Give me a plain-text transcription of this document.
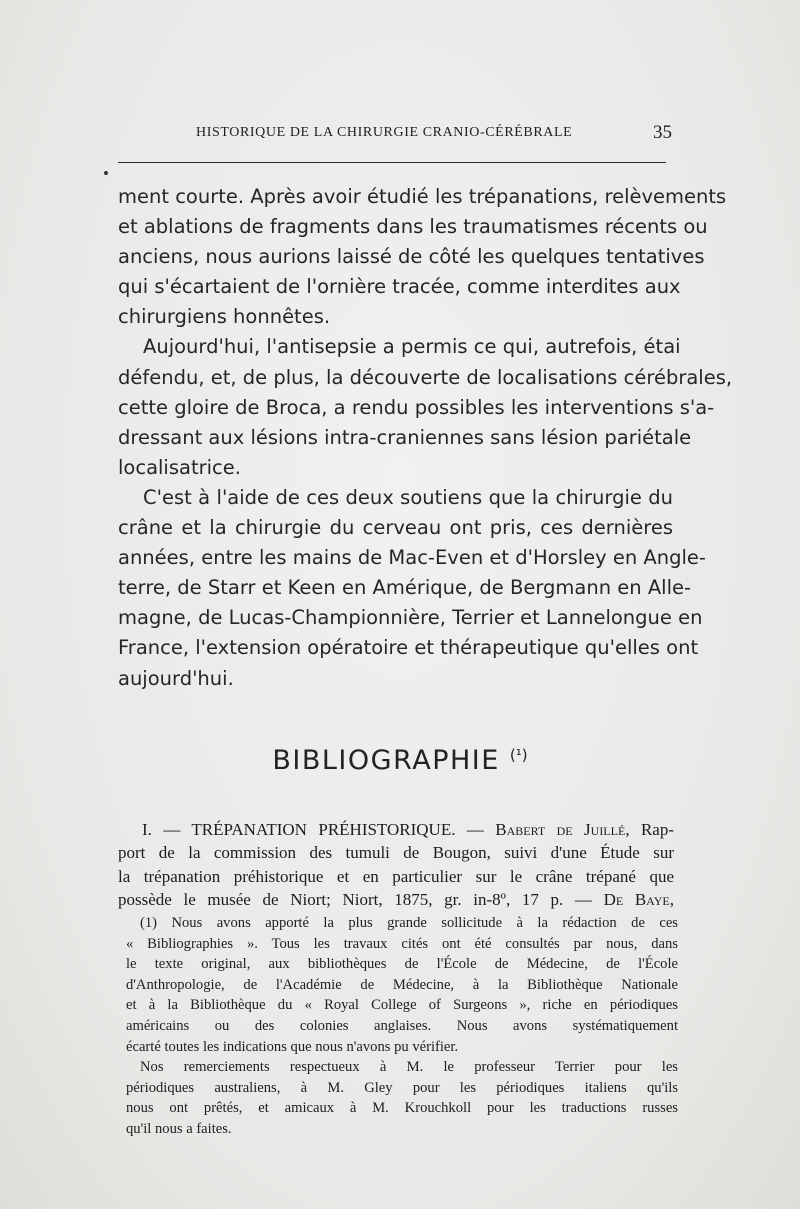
HISTORIQUE DE LA CHIRURGIE CRANIO-CÉRÉBRALE	35
ment courte. Après avoir étudié les trépanations, relèvements
et ablations de fragments dans les traumatismes récents ou
anciens, nous aurions laissé de côté les quelques tentatives
qui s'écartaient de l'ornière tracée, comme interdites aux
chirurgiens honnêtes.
Aujourd'hui, l'antisepsie a permis ce qui, autrefois, étai
défendu, et, de plus, la découverte de localisations cérébrales,
cette gloire de Broca, a rendu possibles les interventions s'a-
dressant aux lésions intra-craniennes sans lésion pariétale
localisatrice.
C'est à l'aide de ces deux soutiens que la chirurgie du
crâne et la chirurgie du cerveau ont pris, ces dernières
années, entre les mains de Mac-Even et d'Horsley en Angle-
terre, de Starr et Keen en Amérique, de Bergmann en Alle-
magne, de Lucas-Championnière, Terrier et Lannelongue en
France, l'extension opératoire et thérapeutique qu'elles ont
aujourd'hui.
BIBLIOGRAPHIE $^{(^1)}$
I. — TRÉPANATION PRÉHISTORIQUE. — Babert de Juillé, Rap-
port de la commission des tumuli de Bougon, suivi d'une Étude sur
la trépanation préhistorique et en particulier sur le crâne trépané que
possède le musée de Niort; Niort, 1875, gr. in-8º, 17 p. — De Baye,
(1) Nous avons apporté la plus grande sollicitude à la rédaction de ces
« Bibliographies ». Tous les travaux cités ont été consultés par nous, dans
le texte original, aux bibliothèques de l'École de Médecine, de l'École
d'Anthropologie, de l'Académie de Médecine, à la Bibliothèque Nationale
et à la Bibliothèque du « Royal College of Surgeons », riche en périodiques
américains ou des colonies anglaises. Nous avons systématiquement
écarté toutes les indications que nous n'avons pu vérifier.
Nos remerciements respectueux à M. le professeur Terrier pour les
périodiques australiens, à M. Gley pour les périodiques italiens qu'ils
nous ont prêtés, et amicaux à M. Krouchkoll pour les traductions russes
qu'il nous a faites.
